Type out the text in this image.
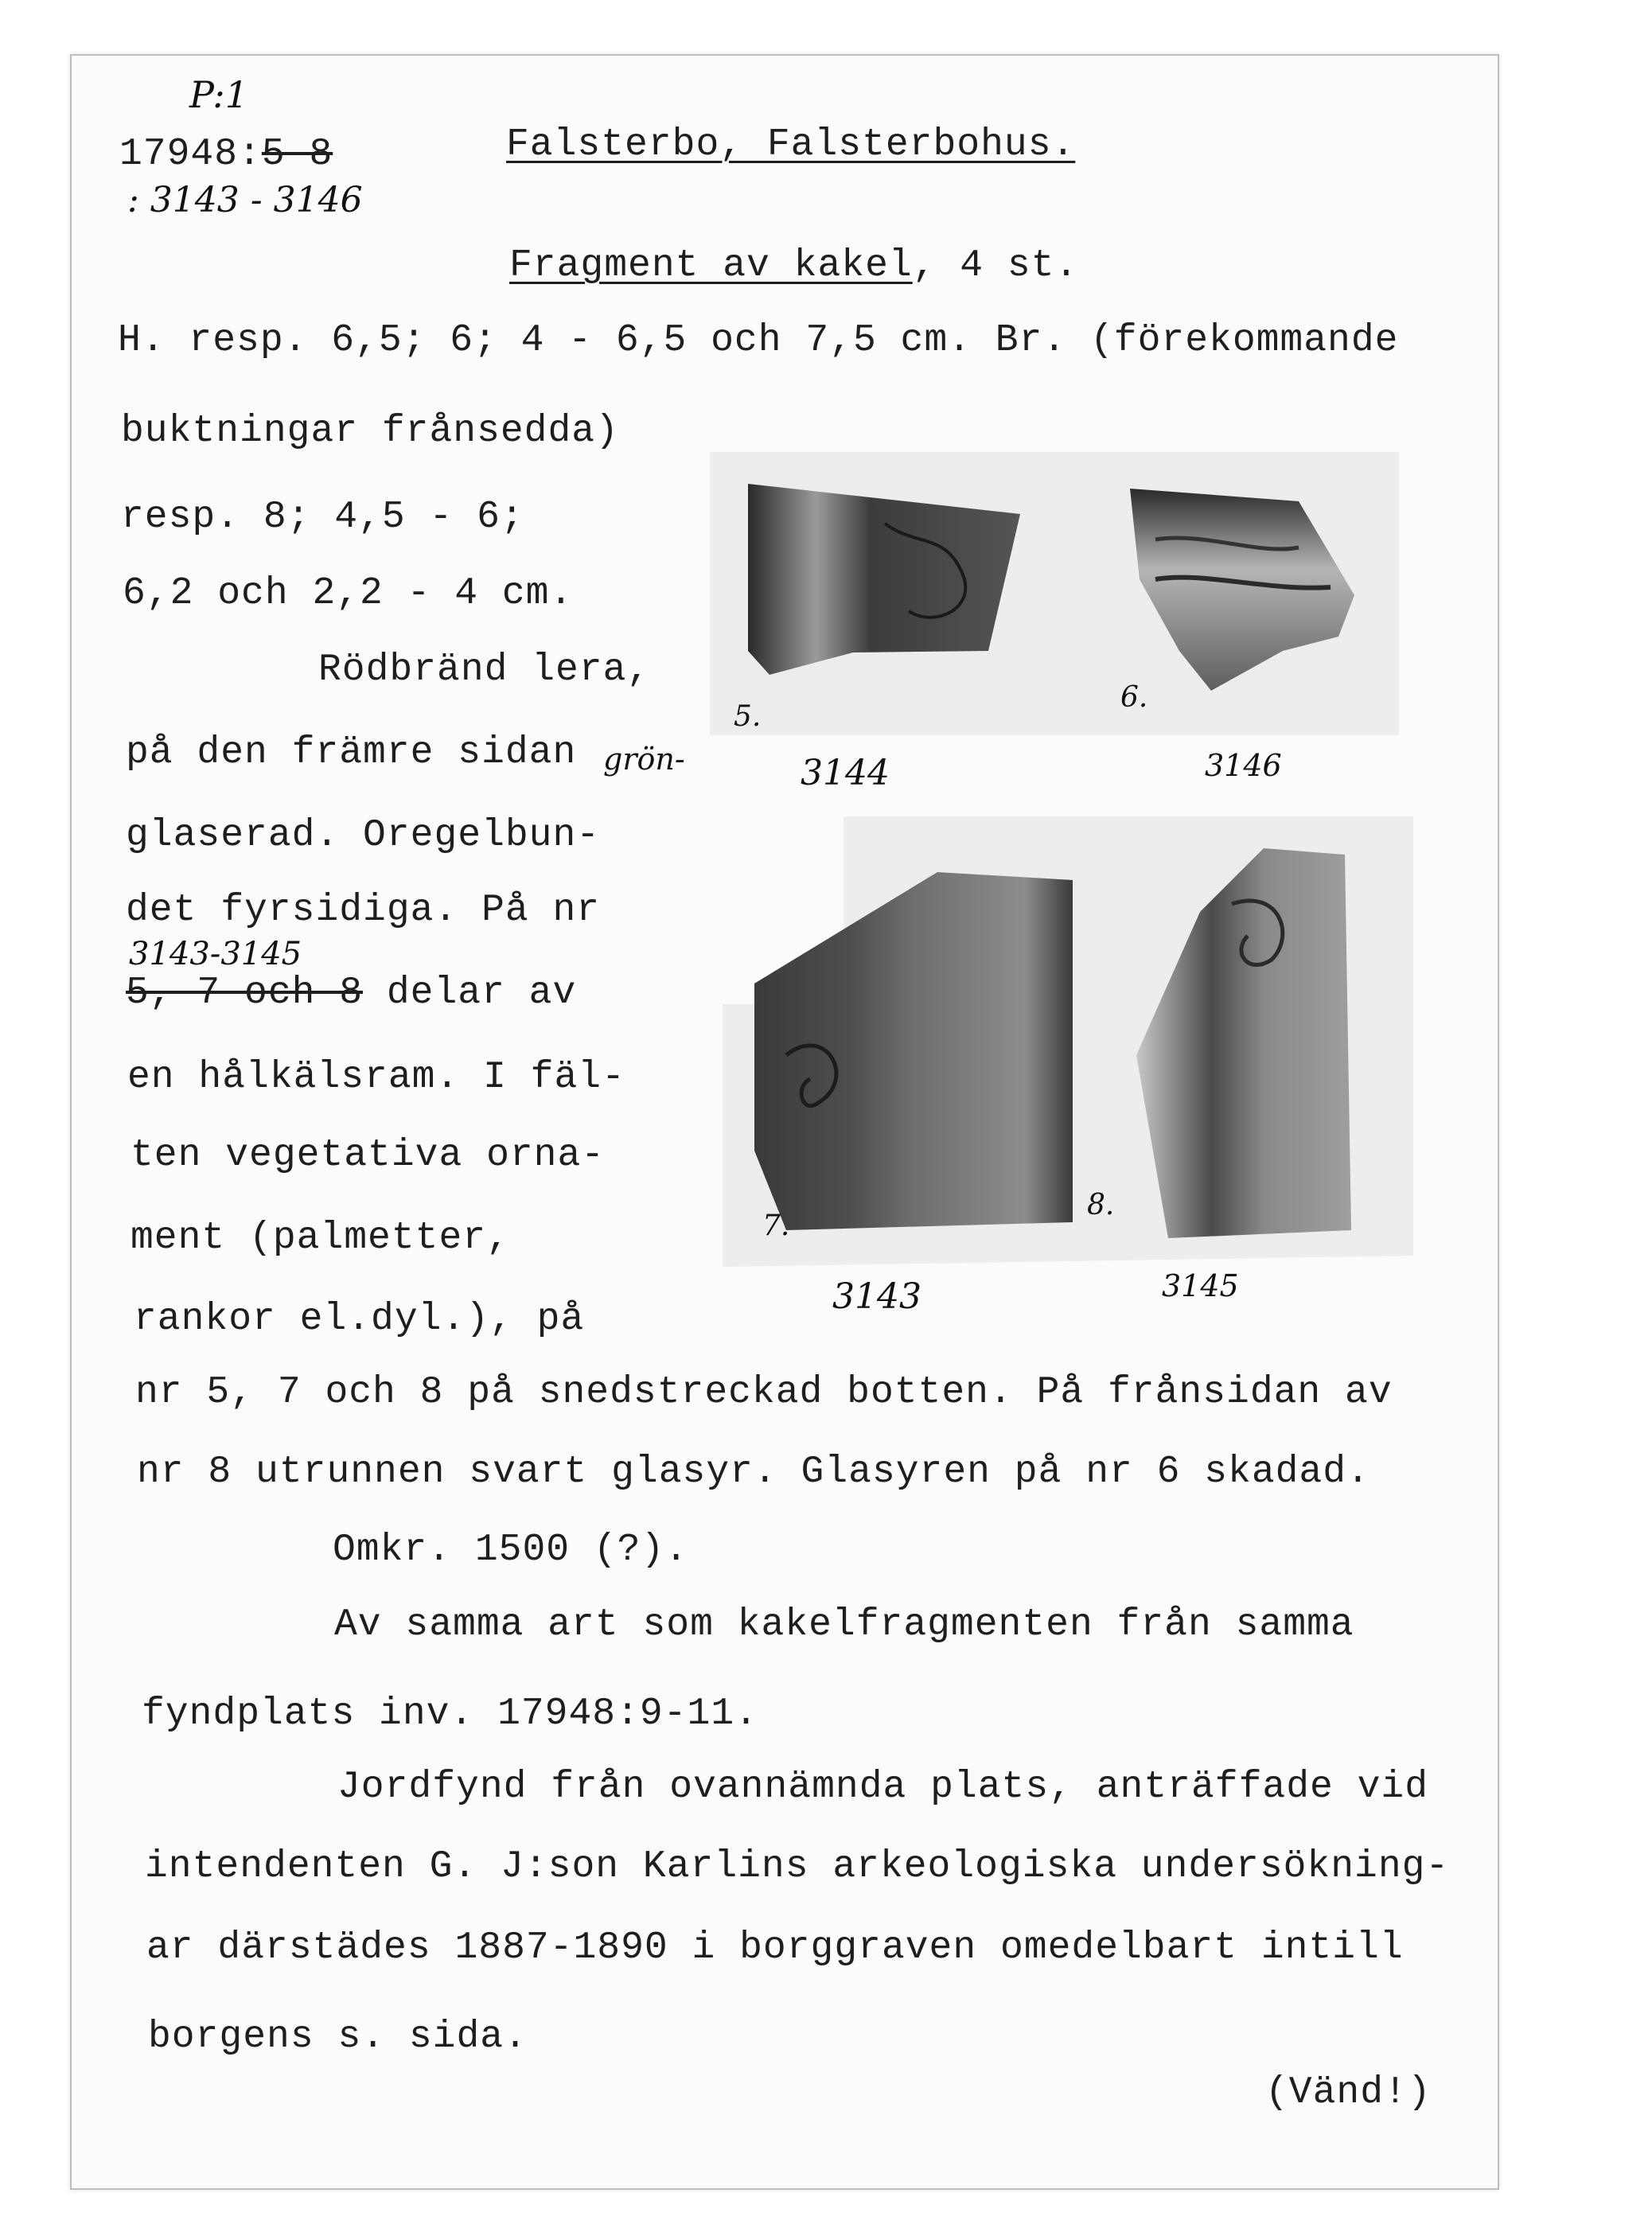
P:1
17948:5-8
: 3143 - 3146
Falsterbo, Falsterbohus.
Fragment av kakel, 4 st.
H. resp. 6,5; 6; 4 - 6,5 och 7,5 cm. Br. (förekommande
buktningar frånsedda)
resp. 8; 4,5 - 6;
6,2 och 2,2 - 4 cm.
Rödbränd lera,
på den främre sidan grön-
glaserad. Oregelbun-
det fyrsidiga. På nr
3143-3145
5, 7 och 8 delar av
en hålkälsram. I fäl-
ten vegetativa orna-
ment (palmetter,
rankor el.dyl.), på
nr 5, 7 och 8 på snedstreckad botten. På frånsidan av
nr 8 utrunnen svart glasyr. Glasyren på nr 6 skadad.
Omkr. 1500 (?).
Av samma art som kakelfragmenten från samma
fyndplats inv. 17948:9-11.
Jordfynd från ovannämnda plats, anträffade vid
intendenten G. J:son Karlins arkeologiska undersökning-
ar därstädes 1887-1890 i borggraven omedelbart intill
borgens s. sida.
(Vänd!)
5.
6.
3144	3146
7.
8.
3143	3145
